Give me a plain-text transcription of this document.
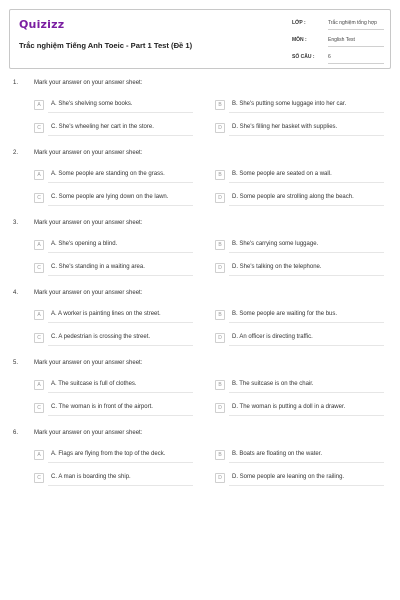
Quizizz
Trắc nghiệm Tiếng Anh Toeic - Part 1 Test (Đề 1)
LỚP :	Trắc nghiệm tổng hợp
MÔN :	English Test
SỐ CÂU :	6
1.	Mark your answer on your answer sheet:
A	A. She's shelving some books.	B	B. She's putting some luggage into her car.
C	C. She's wheeling her cart in the store.	D	D. She's filling her basket with supplies.
2.	Mark your answer on your answer sheet:
A	A. Some people are standing on the grass.	B	B. Some people are seated on a wall.
C	C. Some people are lying down on the lawn.	D	D. Some people are strolling along the beach.
3.	Mark your answer on your answer sheet:
A	A. She's opening a blind.	B	B. She's carrying some luggage.
C	C. She's standing in a waiting area.	D	D. She's talking on the telephone.
4.	Mark your answer on your answer sheet:
A	A. A worker is painting lines on the street.	B	B. Some people are waiting for the bus.
C	C. A pedestrian is crossing the street.	D	D. An officer is directing traffic.
5.	Mark your answer on your answer sheet:
A	A. The suitcase is full of clothes.	B	B. The suitcase is on the chair.
C	C. The woman is in front of the airport.	D	D. The woman is putting a doll in a drawer.
6.	Mark your answer on your answer sheet:
A	A. Flags are flying from the top of the deck.	B	B. Boats are floating on the water.
C	C. A man is boarding the ship.	D	D. Some people are leaning on the railing.
